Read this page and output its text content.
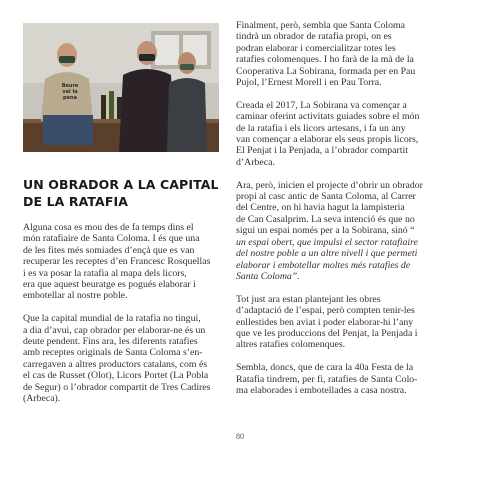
Beure
val la
pena
UN OBRADOR A LA CAPITAL
DE LA RATAFIA

Alguna cosa es mou des de fa temps dins el
món ratafiaire de Santa Coloma. I és que una
de les fites més somiades d’ençà que es van
recuperar les receptes d’en Francesc Rosquellas
i es va posar la ratafia al mapa dels licors,
era que aquest beuratge es pogués elaborar i
embotellar al nostre poble.

Que la capital mundial de la ratafia no tingui,
a dia d’avui, cap obrador per elaborar-ne és un
deute pendent. Fins ara, les diferents ratafies
amb receptes originals de Santa Coloma s’en-
carregaven a altres productors catalans, com és
el cas de Russet (Olot), Licors Portet (La Pobla
de Segur) o l’obrador compartit de Tres Cadires
(Arbeca).

Finalment, però, sembla que Santa Coloma
tindrà un obrador de ratafia propi, on es
podran elaborar i comercialitzar totes les
ratafies colomenques. I ho farà de la mà de la
Cooperativa La Sobirana, formada per en Pau
Pujol, l’Ernest Morell i en Pau Torra.

Creada el 2017, La Sobirana va començar a
caminar oferint activitats guiades sobre el món
de la ratafia i els licors artesans, i fa un any
van començar a elaborar els seus propis licors,
El Penjat i la Penjada, a l’obrador compartit
d’Arbeca.

Ara, però, inicien el projecte d’obrir un obrador
propi al casc antic de Santa Coloma, al Carrer
del Centre, on hi havia hagut la lampisteria
de Can Casalprim. La seva intenció és que no
sigui un espai només per a la Sobirana, sinó “
un espai obert, que impulsi el sector ratafiaire
del nostre poble a un altre nivell i que permeti
elaborar i embotellar moltes més ratafies de
Santa Coloma”.

Tot just ara estan plantejant les obres
d’adaptació de l’espai, però compten tenir-les
enllestides ben aviat i poder elaborar-hi l’any
que ve les produccions del Penjat, la Penjada i
altres ratafies colomenques.

Sembla, doncs, que de cara la 40a Festa de la
Ratafia tindrem, per fi, ratafies de Santa Colo-
ma elaborades i embotellades a casa nostra.

80
